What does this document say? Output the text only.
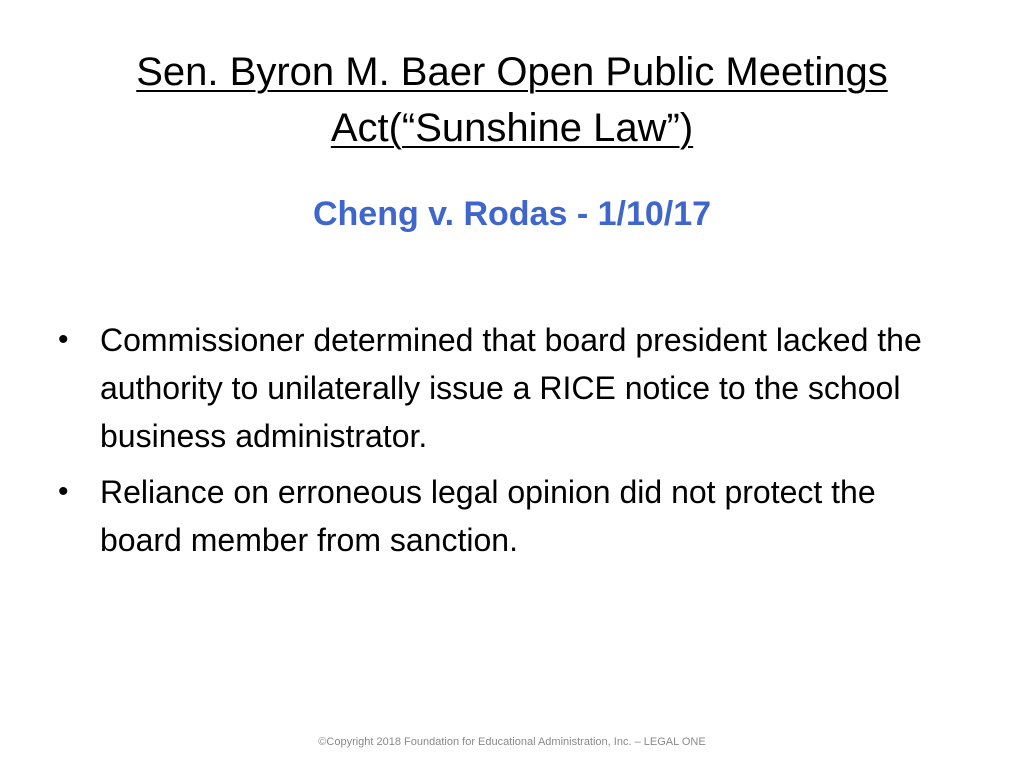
Sen. Byron M. Baer Open Public Meetings
Act(“Sunshine Law”)
Cheng v. Rodas - 1/10/17
• Commissioner determined that board president lacked the authority to unilaterally issue a RICE notice to the school business administrator.
• Reliance on erroneous legal opinion did not protect the board member from sanction.
©Copyright 2018 Foundation for Educational Administration, Inc. – LEGAL ONE
